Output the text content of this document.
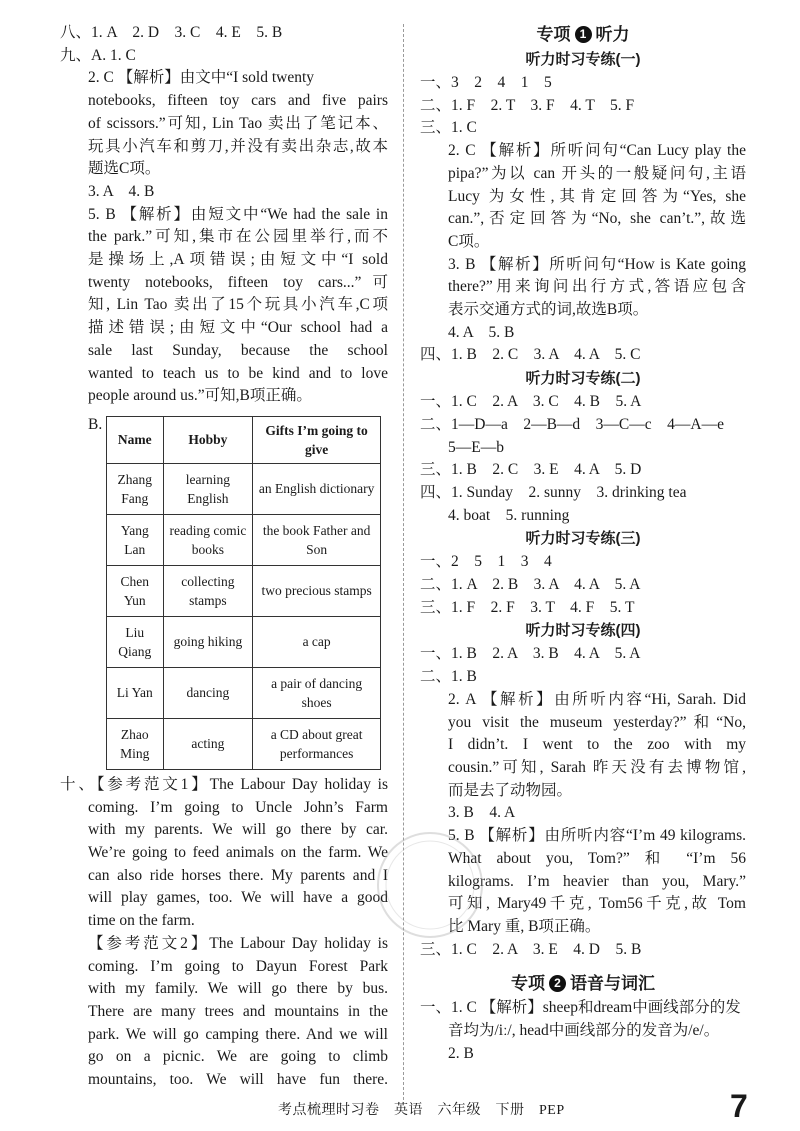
八、1. A　2. D　3. C　4. E　5. B
九、A. 1. C
2. C 【解析】由文中“I sold twenty
notebooks, fifteen toy cars and five pairs
of scissors.”可知, Lin Tao 卖出了笔记本、
玩具小汽车和剪刀,并没有卖出杂志,故本
题选C项。
3. A　4. B
5. B 【解析】由短文中“We had the sale in
the park.”可知,集市在公园里举行,而不
是操场上,A项错误;由短文中“I sold
twenty notebooks, fifteen toy cars...”可
知, Lin Tao 卖出了15个玩具小汽车,C项
描述错误;由短文中“Our school had a
sale last Sunday, because the school
wanted to teach us to be kind and to love
people around us.”可知,B项正确。
B.
Name	Hobby	Gifts I’m going to give
Zhang Fang	learning English	an English dictionary
Yang Lan	reading comic books	the book Father and Son
Chen Yun	collecting stamps	two precious stamps
Liu Qiang	going hiking	a cap
Li Yan	dancing	a pair of dancing shoes
Zhao Ming	acting	a CD about great performances
十、【参考范文1】The Labour Day holiday is
coming. I’m going to Uncle John’s Farm
with my parents. We will go there by car.
We’re going to feed animals on the farm. We
can also ride horses there. My parents and I
will play games, too. We will have a good
time on the farm.
【参考范文2】The Labour Day holiday is
coming. I’m going to Dayun Forest Park
with my family. We will go there by bus.
There are many trees and mountains in the
park. We will go camping there. And we will
go on a picnic. We are going to climb
mountains, too. We will have fun there.
专项 1 听力
听力时习专练(一)
一、3　2　4　1　5
二、1. F　2. T　3. F　4. T　5. F
三、1. C
2. C 【解析】所听问句“Can Lucy play the
pipa?”为以 can 开头的一般疑问句,主语
Lucy 为女性,其肯定回答为“Yes, she
can.”,否定回答为“No, she can’t.”,故选
C项。
3. B 【解析】所听问句“How is Kate going
there?”用来询问出行方式,答语应包含
表示交通方式的词,故选B项。
4. A　5. B
四、1. B　2. C　3. A　4. A　5. C
听力时习专练(二)
一、1. C　2. A　3. C　4. B　5. A
二、1—D—a　2—B—d　3—C—c　4—A—e
5—E—b
三、1. B　2. C　3. E　4. A　5. D
四、1. Sunday　2. sunny　3. drinking tea
4. boat　5. running
听力时习专练(三)
一、2　5　1　3　4
二、1. A　2. B　3. A　4. A　5. A
三、1. F　2. F　3. T　4. F　5. T
听力时习专练(四)
一、1. B　2. A　3. B　4. A　5. A
二、1. B
2. A 【解析】由所听内容“Hi, Sarah. Did
you visit the museum yesterday?”和“No,
I didn’t. I went to the zoo with my
cousin.”可知, Sarah 昨天没有去博物馆,
而是去了动物园。
3. B　4. A
5. B 【解析】由所听内容“I’m 49 kilograms.
What about you, Tom?” 和 “I’m 56
kilograms. I’m heavier than you, Mary.”
可知, Mary49千克, Tom56千克,故 Tom
比 Mary 重, B项正确。
三、1. C　2. A　3. E　4. D　5. B
专项 2 语音与词汇
一、1. C 【解析】sheep和dream中画线部分的发
音均为/iː/, head中画线部分的发音为/e/。
2. B
考点梳理时习卷　英语　六年级　下册　PEP	7
